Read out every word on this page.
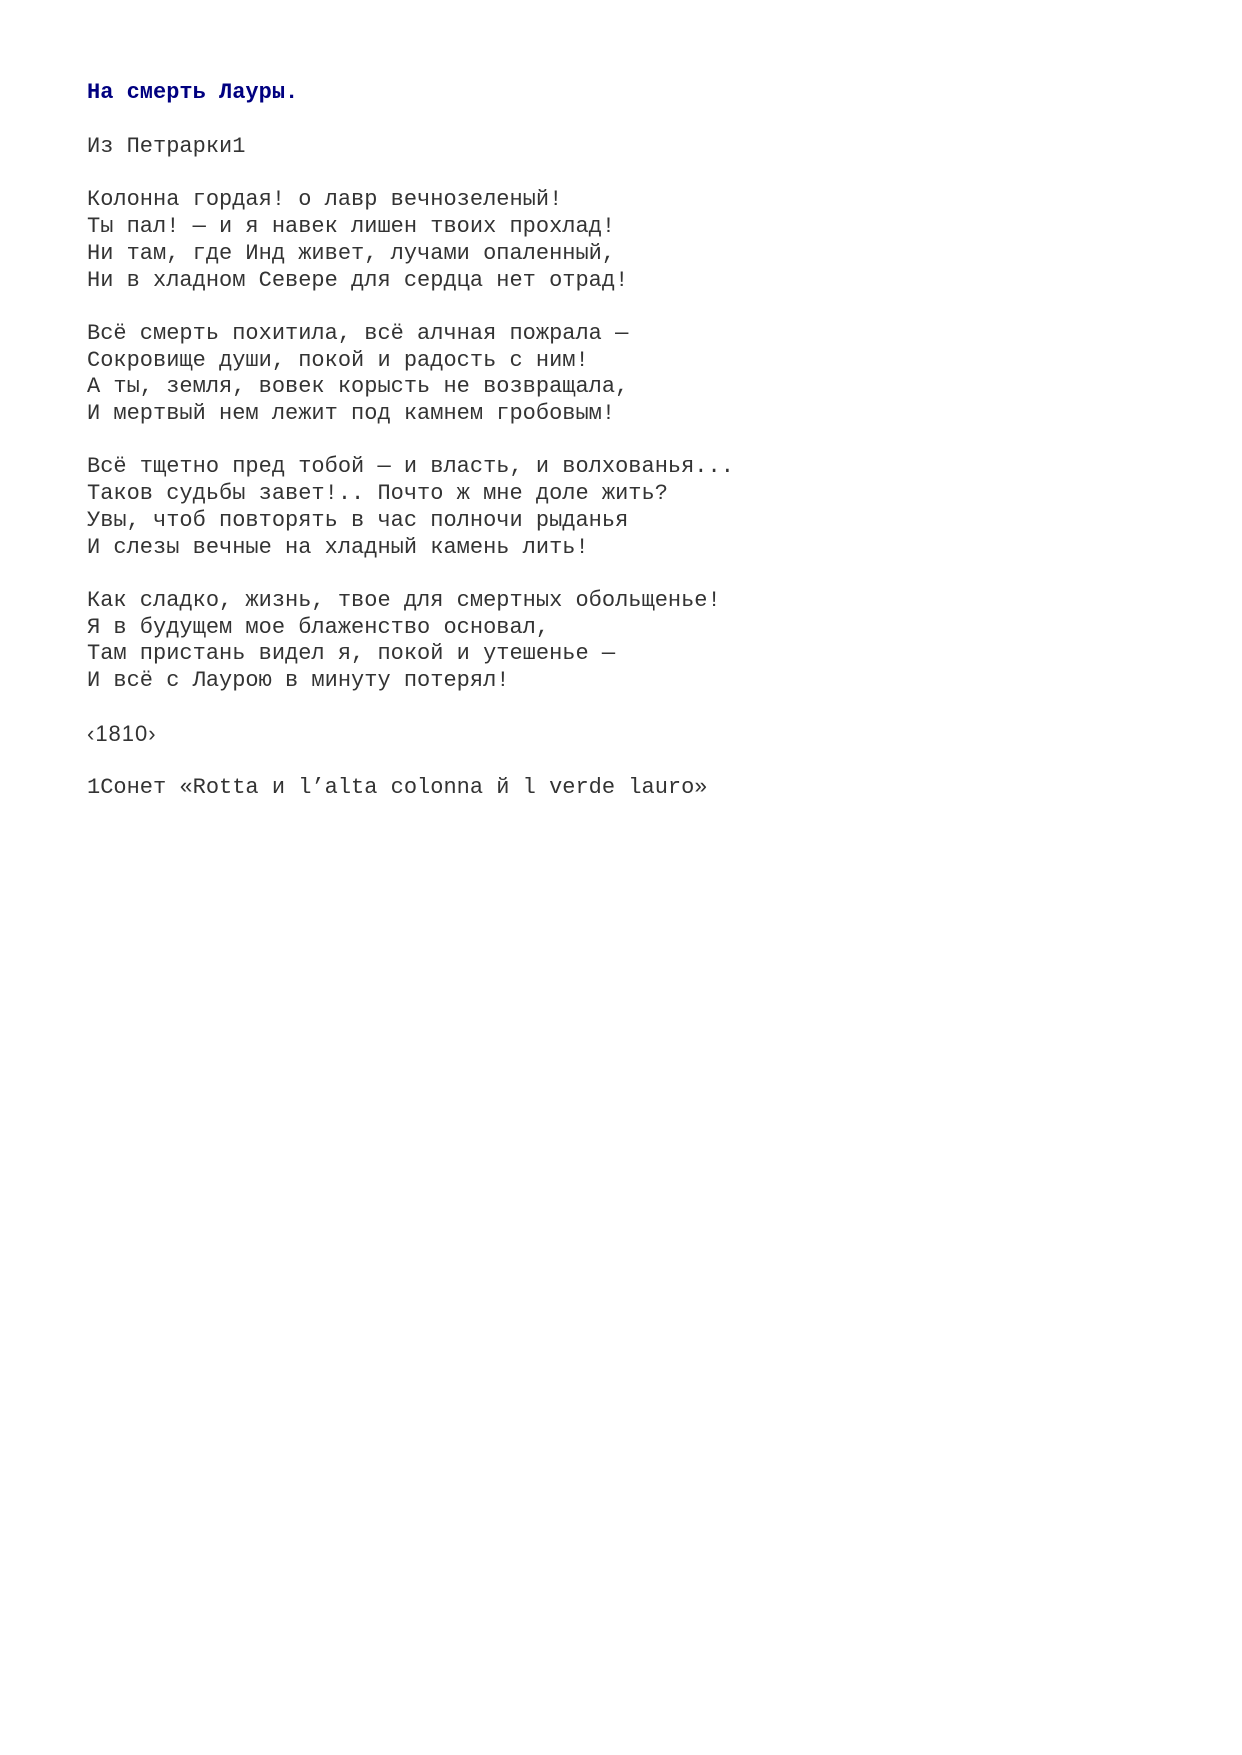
На смерть Лауры.
Из Петрарки1
Колонна гордая! о лавр вечнозеленый!
Ты пал! — и я навек лишен твоих прохлад!
Ни там, где Инд живет, лучами опаленный,
Ни в хладном Севере для сердца нет отрад!
Всё смерть похитила, всё алчная пожрала —
Сокровище души, покой и радость с ним!
А ты, земля, вовек корысть не возвращала,
И мертвый нем лежит под камнем гробовым!
Всё тщетно пред тобой — и власть, и волхованья...
Таков судьбы завет!.. Почто ж мне доле жить?
Увы, чтоб повторять в час полночи рыданья
И слезы вечные на хладный камень лить!
Как сладко, жизнь, твое для смертных обольщенье!
Я в будущем мое блаженство основал,
Там пристань видел я, покой и утешенье —
И всё с Лаурою в минуту потерял!
‹1810›
1Сонет «Rotta и l’alta colonna й l verde lauro»
